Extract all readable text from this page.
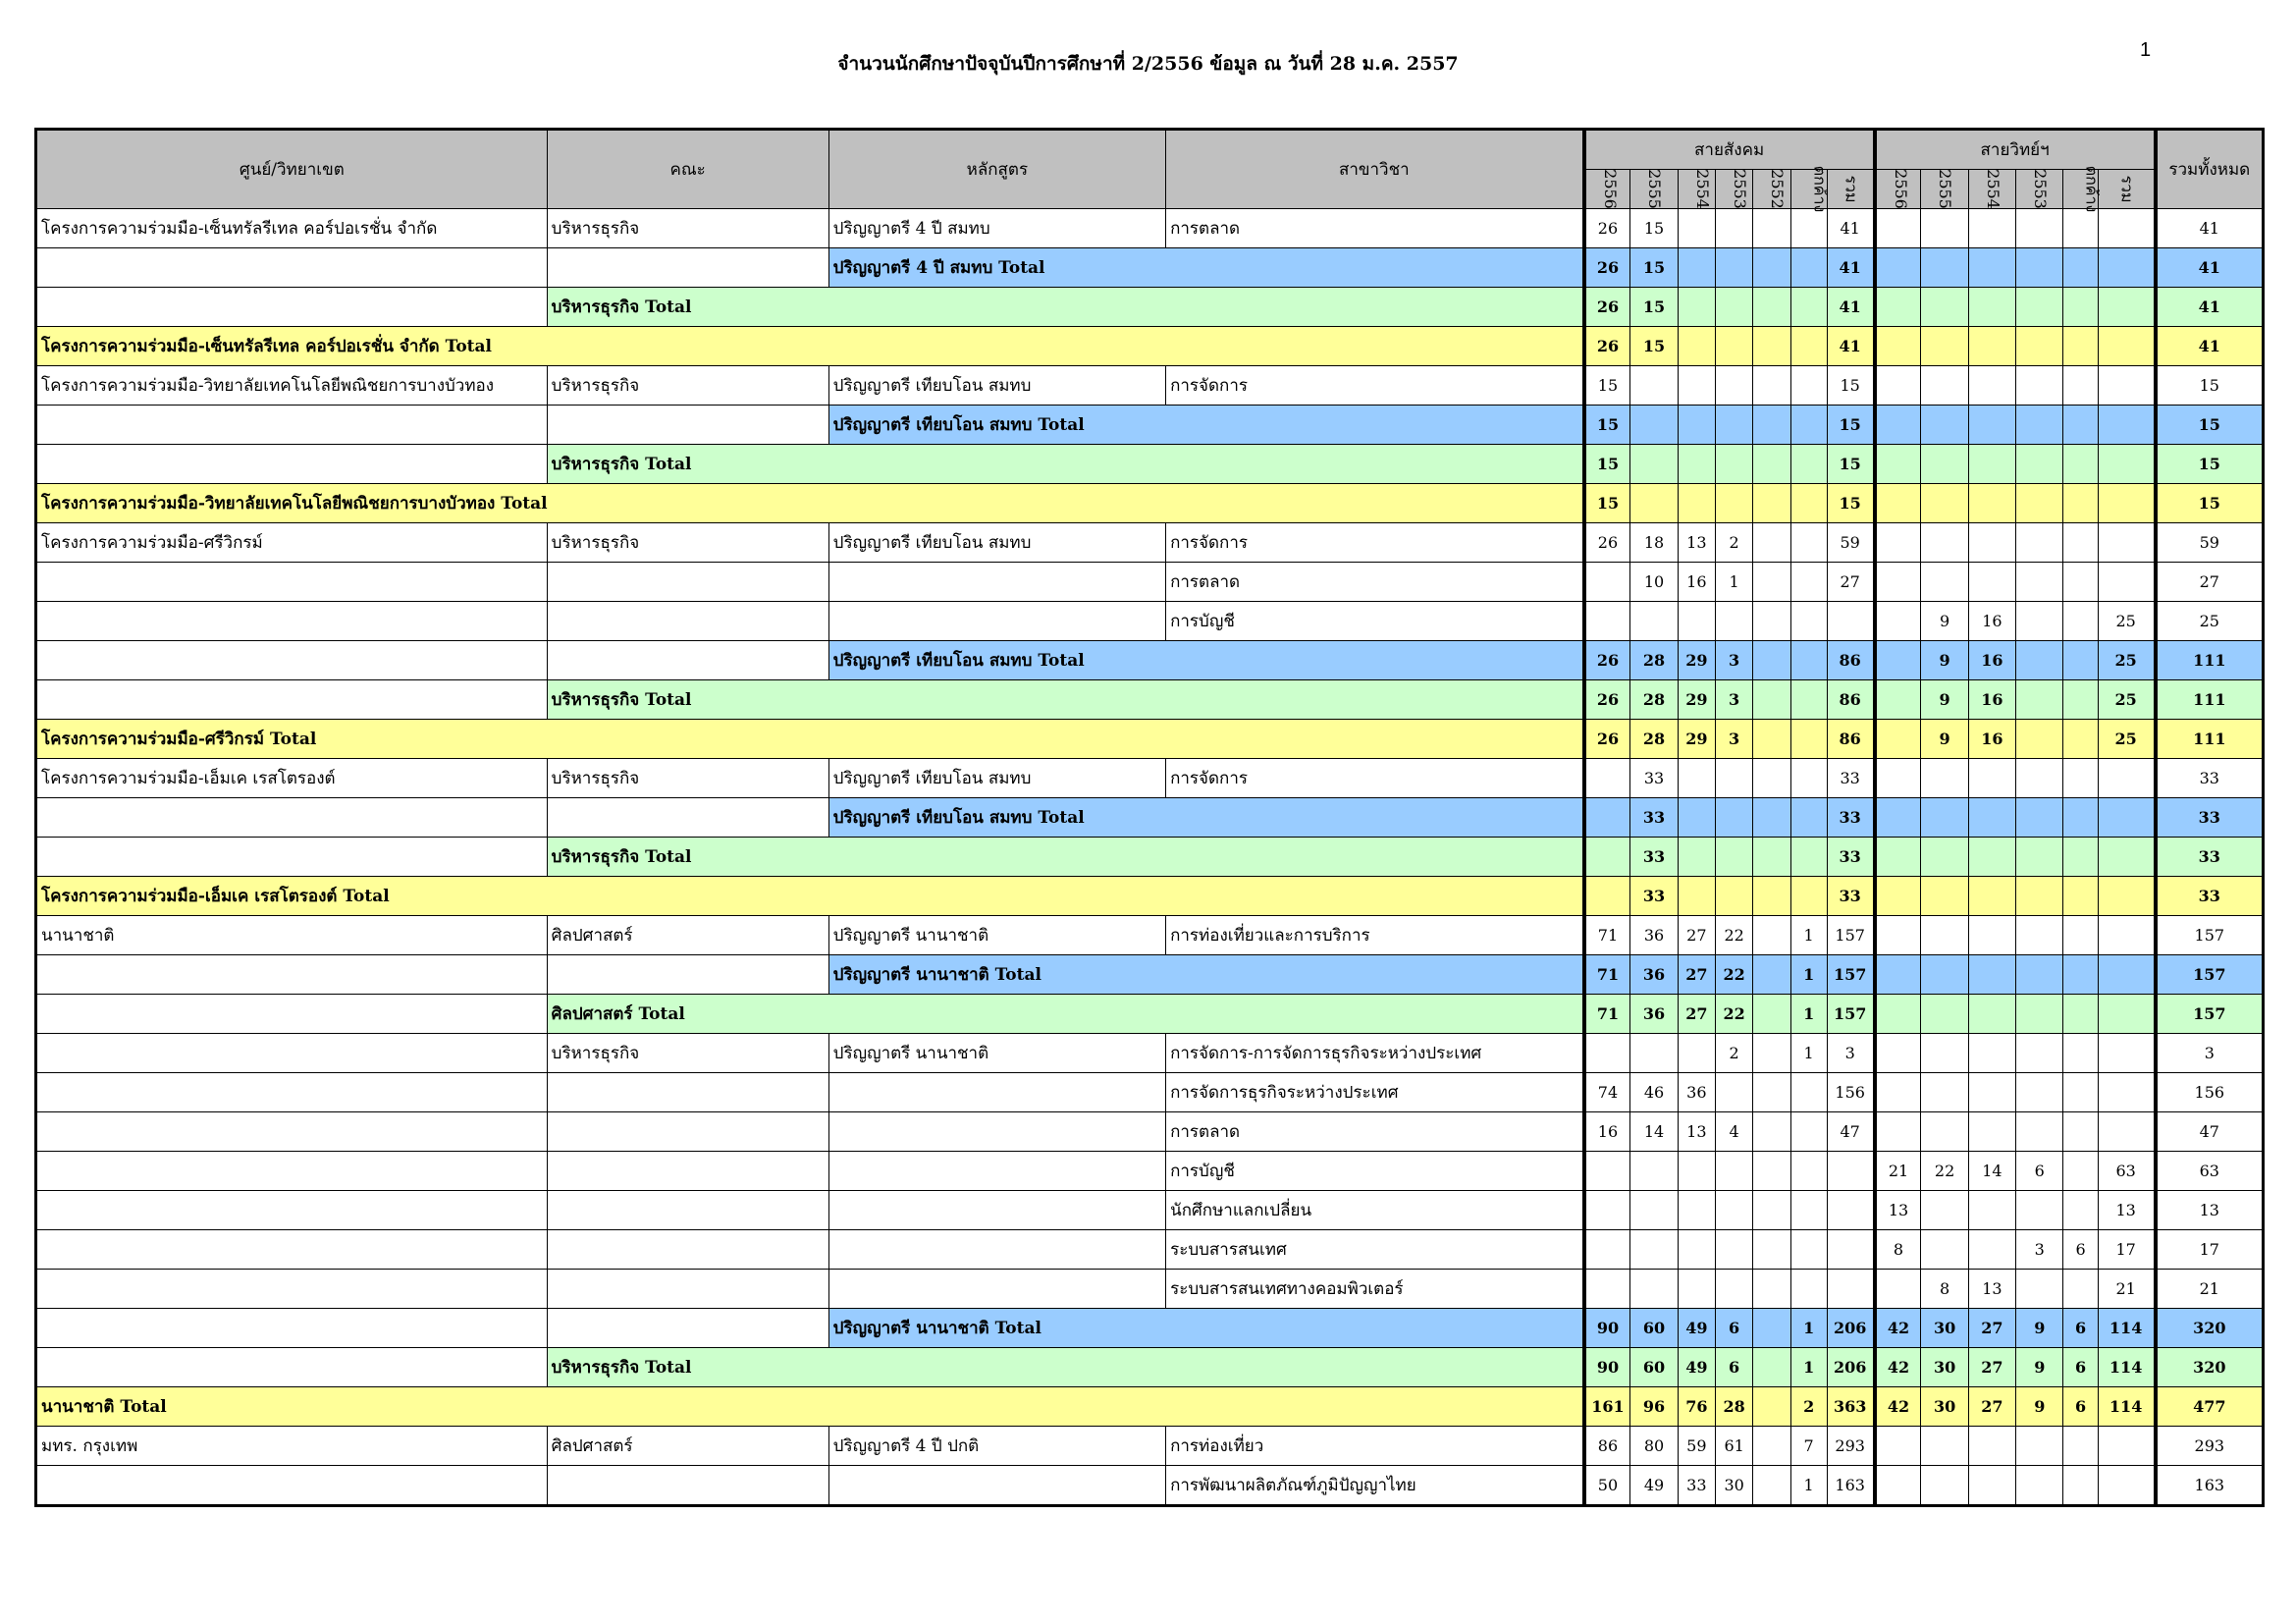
จำนวนนักศึกษาปัจจุบันปีการศึกษาที่ 2/2556 ข้อมูล ณ วันที่ 28 ม.ค. 2557
1
ศูนย์/วิทยาเขต	คณะ	หลักสูตร	สาขาวิชา	สายสังคม							สายวิทย์ฯ						รวมทั้งหมด
				2556	2555	2554	2553	2552	ตกค้าง	รวม	2556	2555	2554	2553	ตกค้าง	รวม	
โครงการความร่วมมือ-เซ็นทรัลรีเทล คอร์ปอเรชั่น จำกัด	บริหารธุรกิจ	ปริญญาตรี 4 ปี สมทบ	การตลาด	26	15					41							41
		ปริญญาตรี 4 ปี สมทบ Total		26	15					41							41
	บริหารธุรกิจ Total			26	15					41							41
โครงการความร่วมมือ-เซ็นทรัลรีเทล คอร์ปอเรชั่น จำกัด Total				26	15					41							41
โครงการความร่วมมือ-วิทยาลัยเทคโนโลยีพณิชยการบางบัวทอง	บริหารธุรกิจ	ปริญญาตรี เทียบโอน สมทบ	การจัดการ	15						15							15
		ปริญญาตรี เทียบโอน สมทบ Total		15						15							15
	บริหารธุรกิจ Total			15						15							15
โครงการความร่วมมือ-วิทยาลัยเทคโนโลยีพณิชยการบางบัวทอง Total				15						15							15
โครงการความร่วมมือ-ศรีวิกรม์	บริหารธุรกิจ	ปริญญาตรี เทียบโอน สมทบ	การจัดการ	26	18	13	2			59							59
			การตลาด		10	16	1			27							27
			การบัญชี									9	16			25	25
		ปริญญาตรี เทียบโอน สมทบ Total		26	28	29	3			86		9	16			25	111
	บริหารธุรกิจ Total			26	28	29	3			86		9	16			25	111
โครงการความร่วมมือ-ศรีวิกรม์ Total				26	28	29	3			86		9	16			25	111
โครงการความร่วมมือ-เอ็มเค เรสโตรองต์	บริหารธุรกิจ	ปริญญาตรี เทียบโอน สมทบ	การจัดการ		33					33							33
		ปริญญาตรี เทียบโอน สมทบ Total			33					33							33
	บริหารธุรกิจ Total				33					33							33
โครงการความร่วมมือ-เอ็มเค เรสโตรองต์ Total					33					33							33
นานาชาติ	ศิลปศาสตร์	ปริญญาตรี นานาชาติ	การท่องเที่ยวและการบริการ	71	36	27	22		1	157							157
		ปริญญาตรี นานาชาติ Total		71	36	27	22		1	157							157
	ศิลปศาสตร์ Total			71	36	27	22		1	157							157
	บริหารธุรกิจ	ปริญญาตรี นานาชาติ	การจัดการ-การจัดการธุรกิจระหว่างประเทศ				2		1	3							3
			การจัดการธุรกิจระหว่างประเทศ	74	46	36				156							156
			การตลาด	16	14	13	4			47							47
			การบัญชี								21	22	14	6		63	63
			นักศึกษาแลกเปลี่ยน								13					13	13
			ระบบสารสนเทศ								8			3	6	17	17
			ระบบสารสนเทศทางคอมพิวเตอร์									8	13			21	21
		ปริญญาตรี นานาชาติ Total		90	60	49	6		1	206	42	30	27	9	6	114	320
	บริหารธุรกิจ Total			90	60	49	6		1	206	42	30	27	9	6	114	320
นานาชาติ Total				161	96	76	28		2	363	42	30	27	9	6	114	477
มทร. กรุงเทพ	ศิลปศาสตร์	ปริญญาตรี 4 ปี ปกติ	การท่องเที่ยว	86	80	59	61		7	293							293
			การพัฒนาผลิตภัณฑ์ภูมิปัญญาไทย	50	49	33	30		1	163							163
